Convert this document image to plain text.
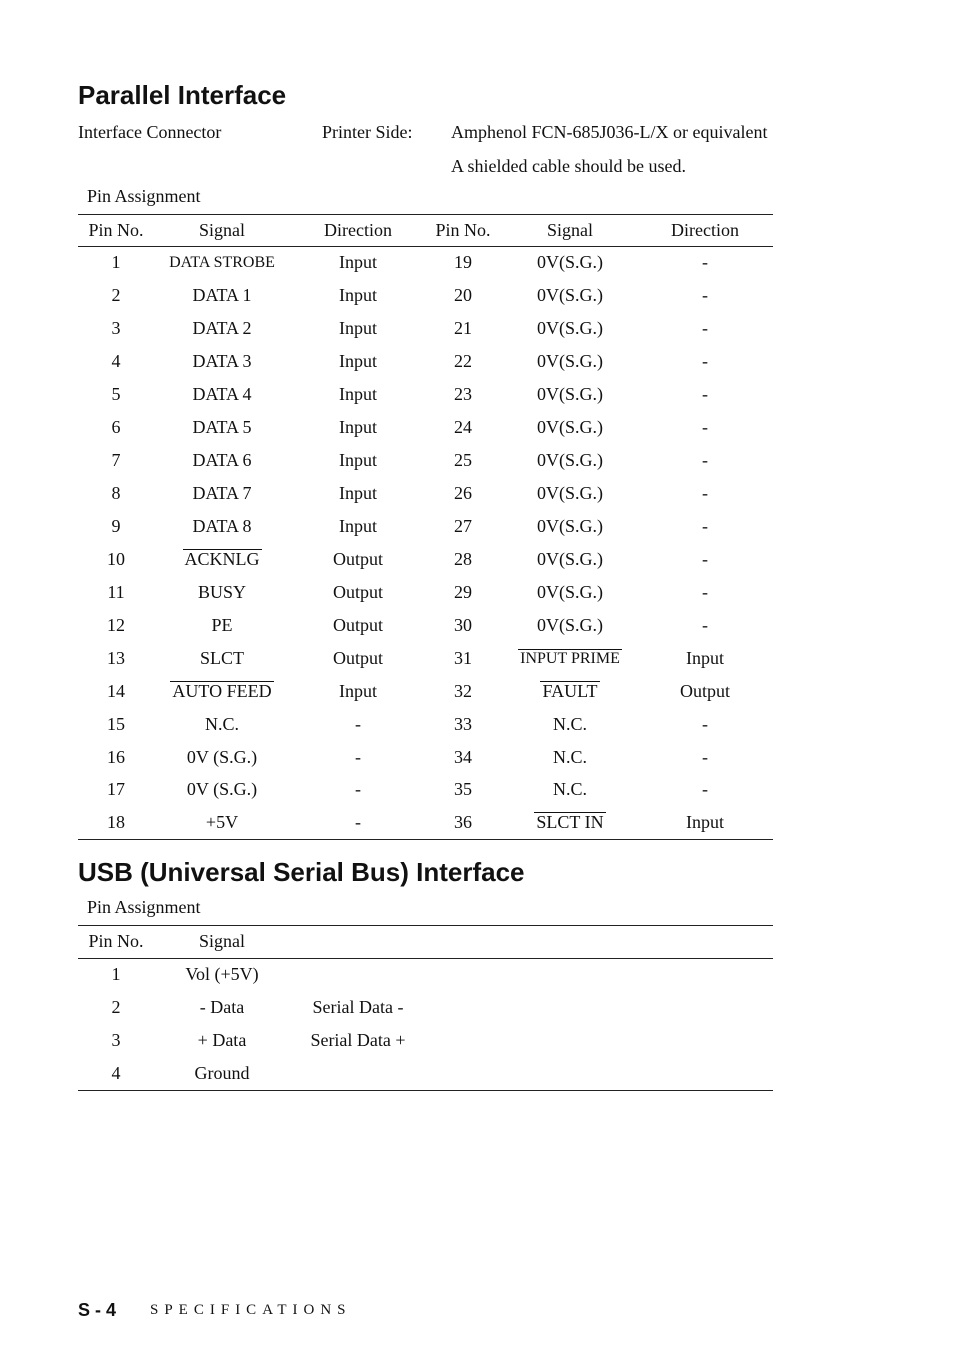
Parallel Interface
Interface Connector	Printer Side: Amphenol FCN-685J036-L/X or equivalent
A shielded cable should be used.
Pin Assignment
Pin No.	Signal	Direction	Pin No.	Signal	Direction
1	DATA STROBE	Input	19	0V(S.G.)	-
2	DATA 1	Input	20	0V(S.G.)	-
3	DATA 2	Input	21	0V(S.G.)	-
4	DATA 3	Input	22	0V(S.G.)	-
5	DATA 4	Input	23	0V(S.G.)	-
6	DATA 5	Input	24	0V(S.G.)	-
7	DATA 6	Input	25	0V(S.G.)	-
8	DATA 7	Input	26	0V(S.G.)	-
9	DATA 8	Input	27	0V(S.G.)	-
10	ACKNLG	Output	28	0V(S.G.)	-
11	BUSY	Output	29	0V(S.G.)	-
12	PE	Output	30	0V(S.G.)	-
13	SLCT	Output	31	INPUT PRIME	Input
14	AUTO FEED	Input	32	FAULT	Output
15	N.C.	-	33	N.C.	-
16	0V (S.G.)	-	34	N.C.	-
17	0V (S.G.)	-	35	N.C.	-
18	+5V	-	36	SLCT IN	Input
USB (Universal Serial Bus) Interface
Pin Assignment
Pin No.	Signal
1	Vol (+5V)
2	- Data	Serial Data -
3	+ Data	Serial Data +
4	Ground
S - 4 SPECIFICATIONS
